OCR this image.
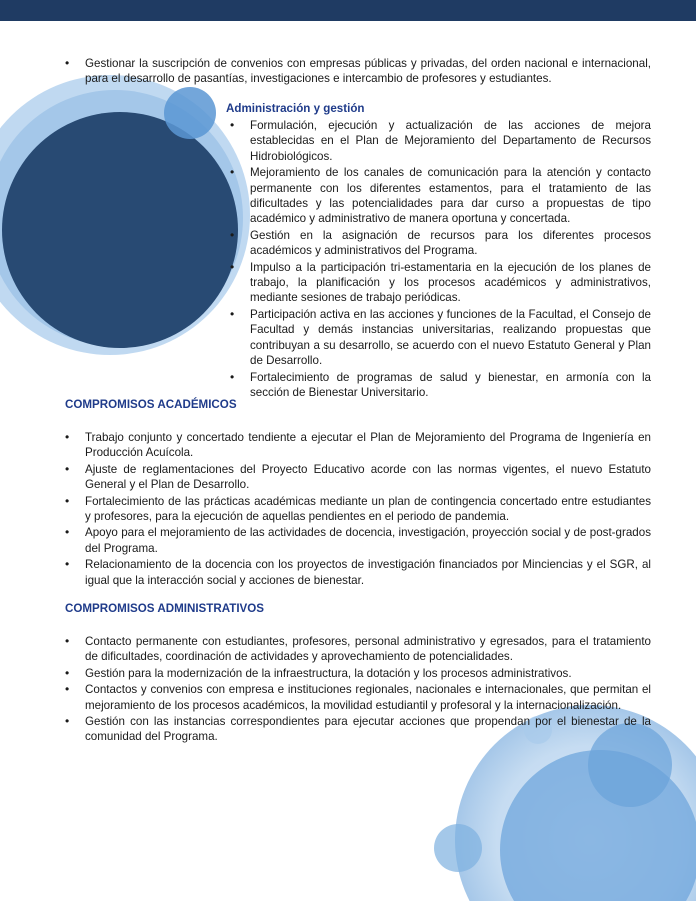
• Gestionar la suscripción de convenios con empresas públicas y privadas, del orden nacional e internacional, para el desarrollo de pasantías, investigaciones e intercambio de profesores y estudiantes.

Administración y gestión

• Formulación, ejecución y actualización de las acciones de mejora establecidas en el Plan de Mejoramiento del Departamento de Recursos Hidrobiológicos.
• Mejoramiento de los canales de comunicación para la atención y contacto permanente con los diferentes estamentos, para el tratamiento de las dificultades y las potencialidades para dar curso a propuestas de tipo académico y administrativo de manera oportuna y concertada.
• Gestión en la asignación de recursos para los diferentes procesos académicos y administrativos del Programa.
• Impulso a la participación tri-estamentaria en la ejecución de los planes de trabajo, la planificación y los procesos académicos y administrativos, mediante sesiones de trabajo periódicas.
• Participación activa en las acciones y funciones de la Facultad, el Consejo de Facultad y demás instancias universitarias, realizando propuestas que contribuyan a su desarrollo, se acuerdo con el nuevo Estatuto General y Plan de Desarrollo.
• Fortalecimiento de programas de salud y bienestar, en armonía con la sección de Bienestar Universitario.

COMPROMISOS ACADÉMICOS

• Trabajo conjunto y concertado tendiente a ejecutar el Plan de Mejoramiento del Programa de Ingeniería en Producción Acuícola.
• Ajuste de reglamentaciones del Proyecto Educativo acorde con las normas vigentes, el nuevo Estatuto General y el Plan de Desarrollo.
• Fortalecimiento de las prácticas académicas mediante un plan de contingencia concertado entre estudiantes y profesores, para la ejecución de aquellas pendientes en el periodo de pandemia.
• Apoyo para el mejoramiento de las actividades de docencia, investigación, proyección social y de post-grados del Programa.
• Relacionamiento de la docencia con los proyectos de investigación financiados por Minciencias y el SGR, al igual que la interacción social y acciones de bienestar.

COMPROMISOS ADMINISTRATIVOS

• Contacto permanente con estudiantes, profesores, personal administrativo y egresados, para el tratamiento de dificultades, coordinación de actividades y aprovechamiento de potencialidades.
• Gestión para la modernización de la infraestructura, la dotación y los procesos administrativos.
• Contactos y convenios con empresa e instituciones regionales, nacionales e internacionales, que permitan el mejoramiento de los procesos académicos, la movilidad estudiantil y profesoral y la internacionalización.
• Gestión con las instancias correspondientes para ejecutar acciones que propendan por el bienestar de la comunidad del Programa.
